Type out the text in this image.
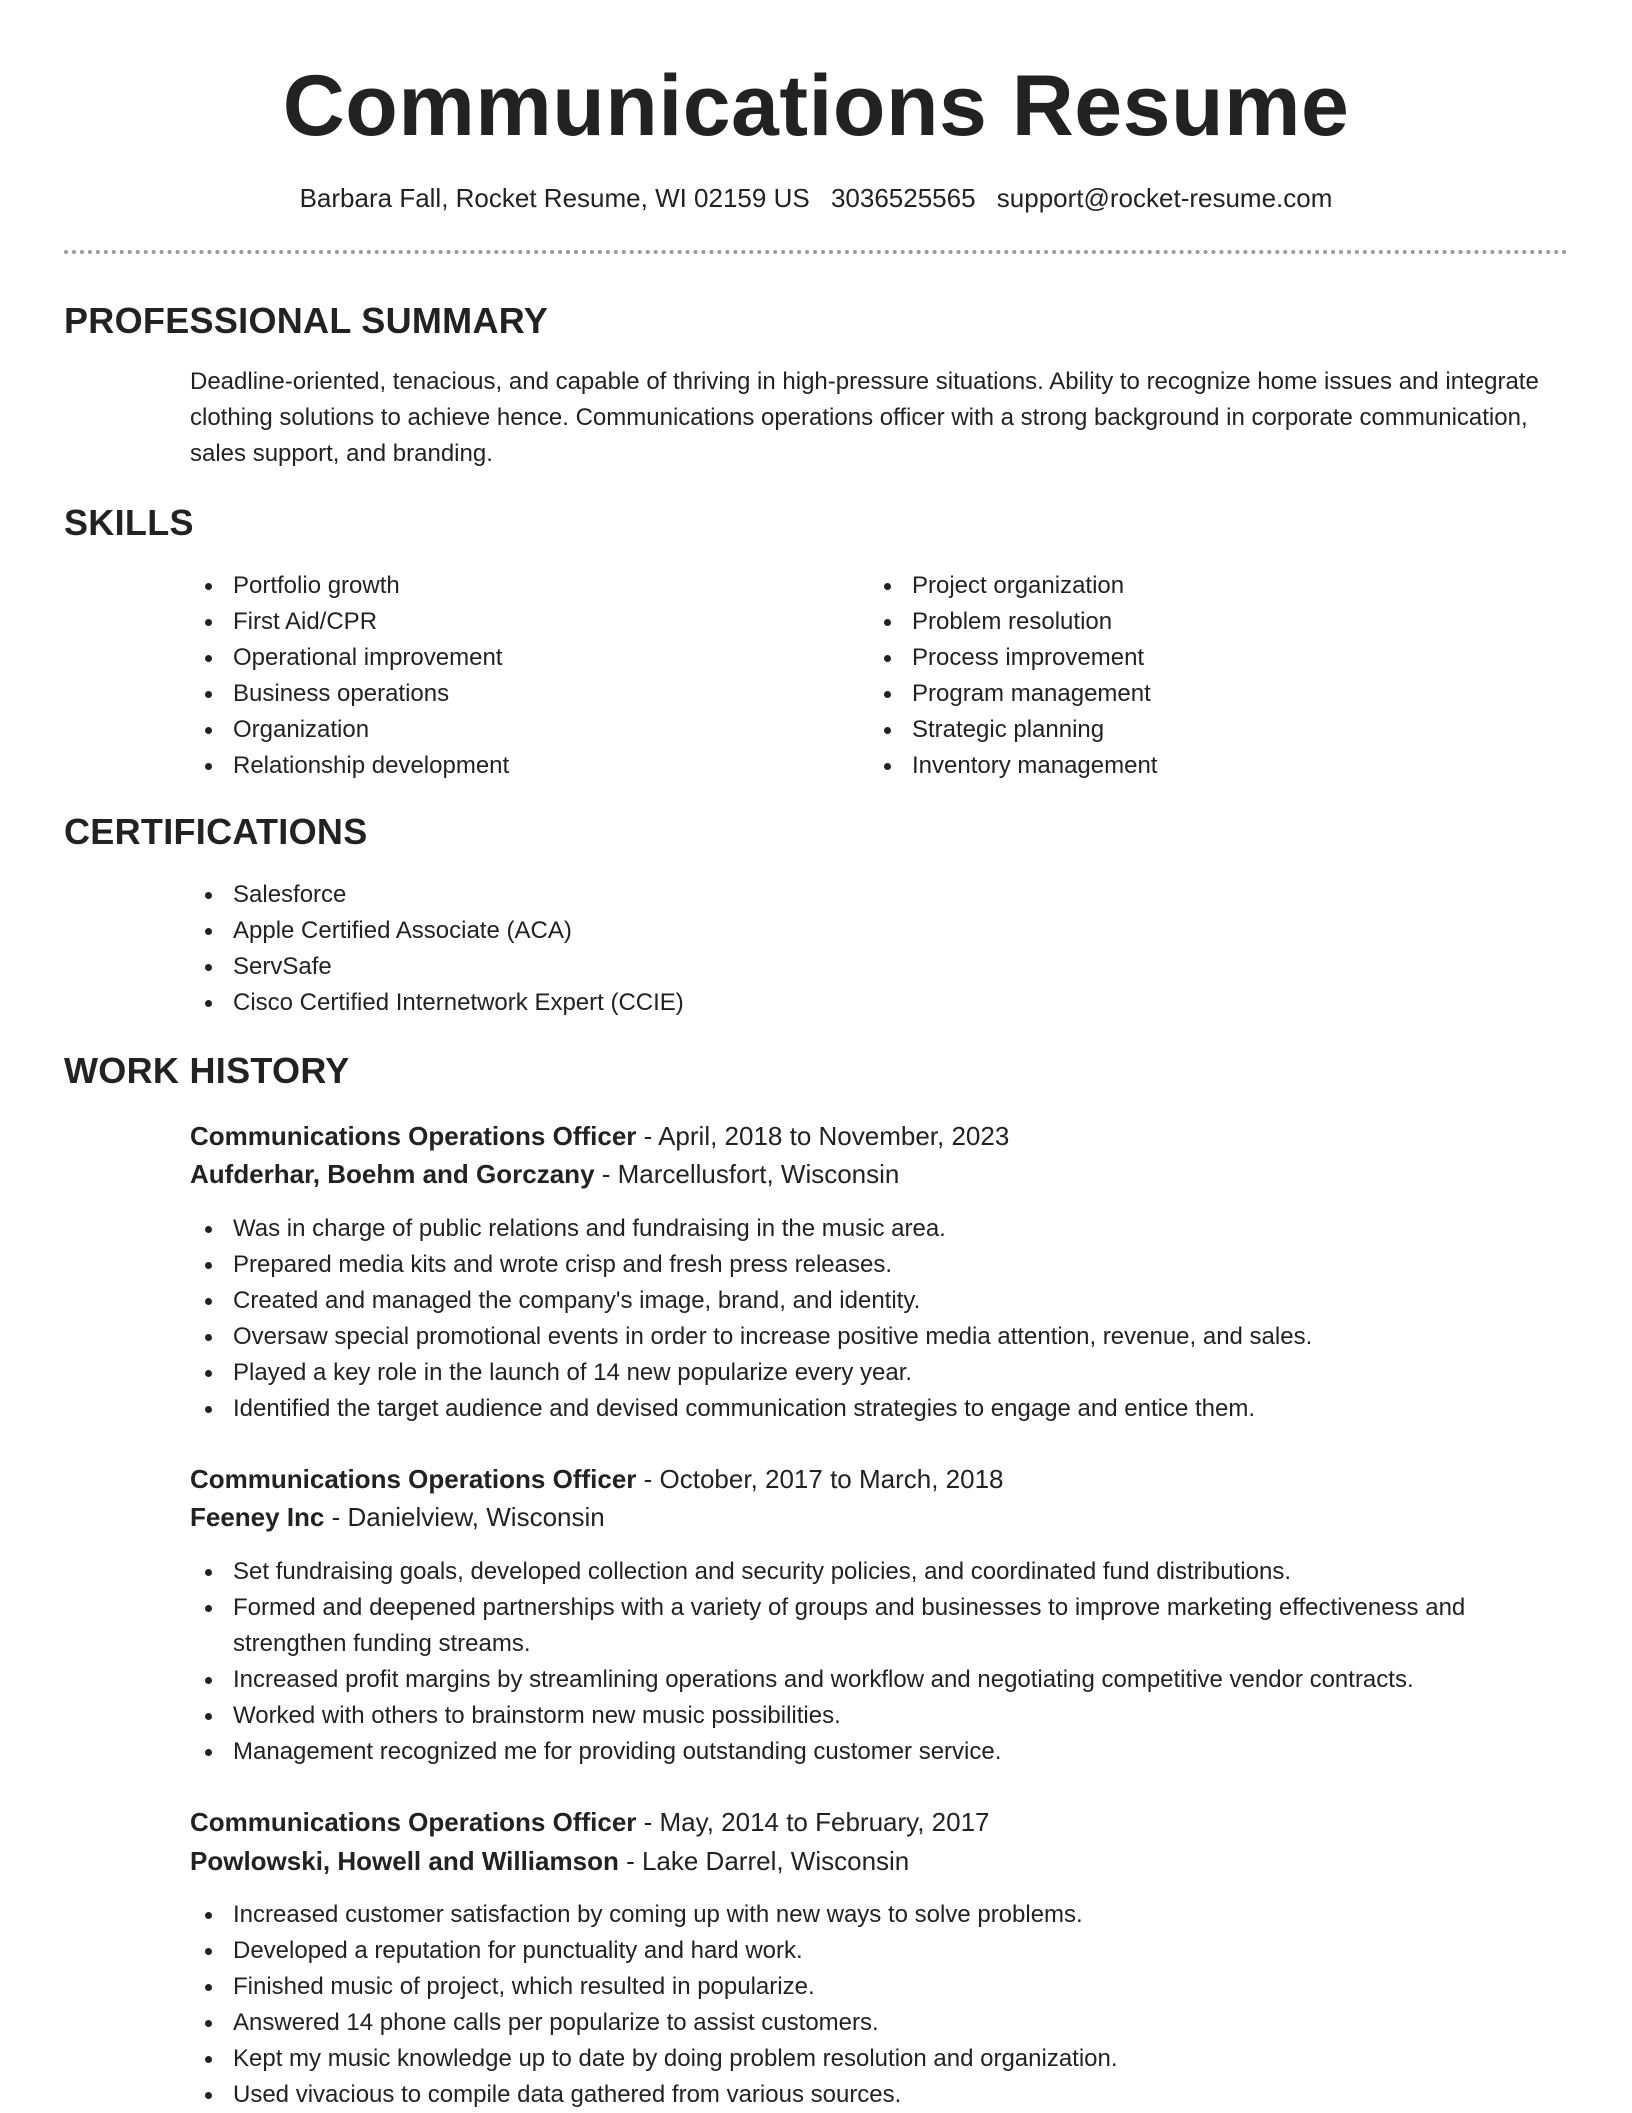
Communications Resume
Barbara Fall, Rocket Resume, WI 02159 US 3036525565 support@rocket-resume.com
PROFESSIONAL SUMMARY

Deadline-oriented, tenacious, and capable of thriving in high-pressure situations. Ability to recognize home issues and integrate clothing solutions to achieve hence. Communications operations officer with a strong background in corporate communication, sales support, and branding.

SKILLS
Portfolio growth
First Aid/CPR
Operational improvement
Business operations
Organization
Relationship development
Project organization
Problem resolution
Process improvement
Program management
Strategic planning
Inventory management
CERTIFICATIONS
Salesforce
Apple Certified Associate (ACA)
ServSafe
Cisco Certified Internetwork Expert (CCIE)
WORK HISTORY
Communications Operations Officer - April, 2018 to November, 2023
Aufderhar, Boehm and Gorczany - Marcellusfort, Wisconsin
Was in charge of public relations and fundraising in the music area.
Prepared media kits and wrote crisp and fresh press releases.
Created and managed the company's image, brand, and identity.
Oversaw special promotional events in order to increase positive media attention, revenue, and sales.
Played a key role in the launch of 14 new popularize every year.
Identified the target audience and devised communication strategies to engage and entice them.
Communications Operations Officer - October, 2017 to March, 2018
Feeney Inc - Danielview, Wisconsin
Set fundraising goals, developed collection and security policies, and coordinated fund distributions.
Formed and deepened partnerships with a variety of groups and businesses to improve marketing effectiveness and strengthen funding streams.
Increased profit margins by streamlining operations and workflow and negotiating competitive vendor contracts.
Worked with others to brainstorm new music possibilities.
Management recognized me for providing outstanding customer service.
Communications Operations Officer - May, 2014 to February, 2017
Powlowski, Howell and Williamson - Lake Darrel, Wisconsin
Increased customer satisfaction by coming up with new ways to solve problems.
Developed a reputation for punctuality and hard work.
Finished music of project, which resulted in popularize.
Answered 14 phone calls per popularize to assist customers.
Kept my music knowledge up to date by doing problem resolution and organization.
Used vivacious to compile data gathered from various sources.
